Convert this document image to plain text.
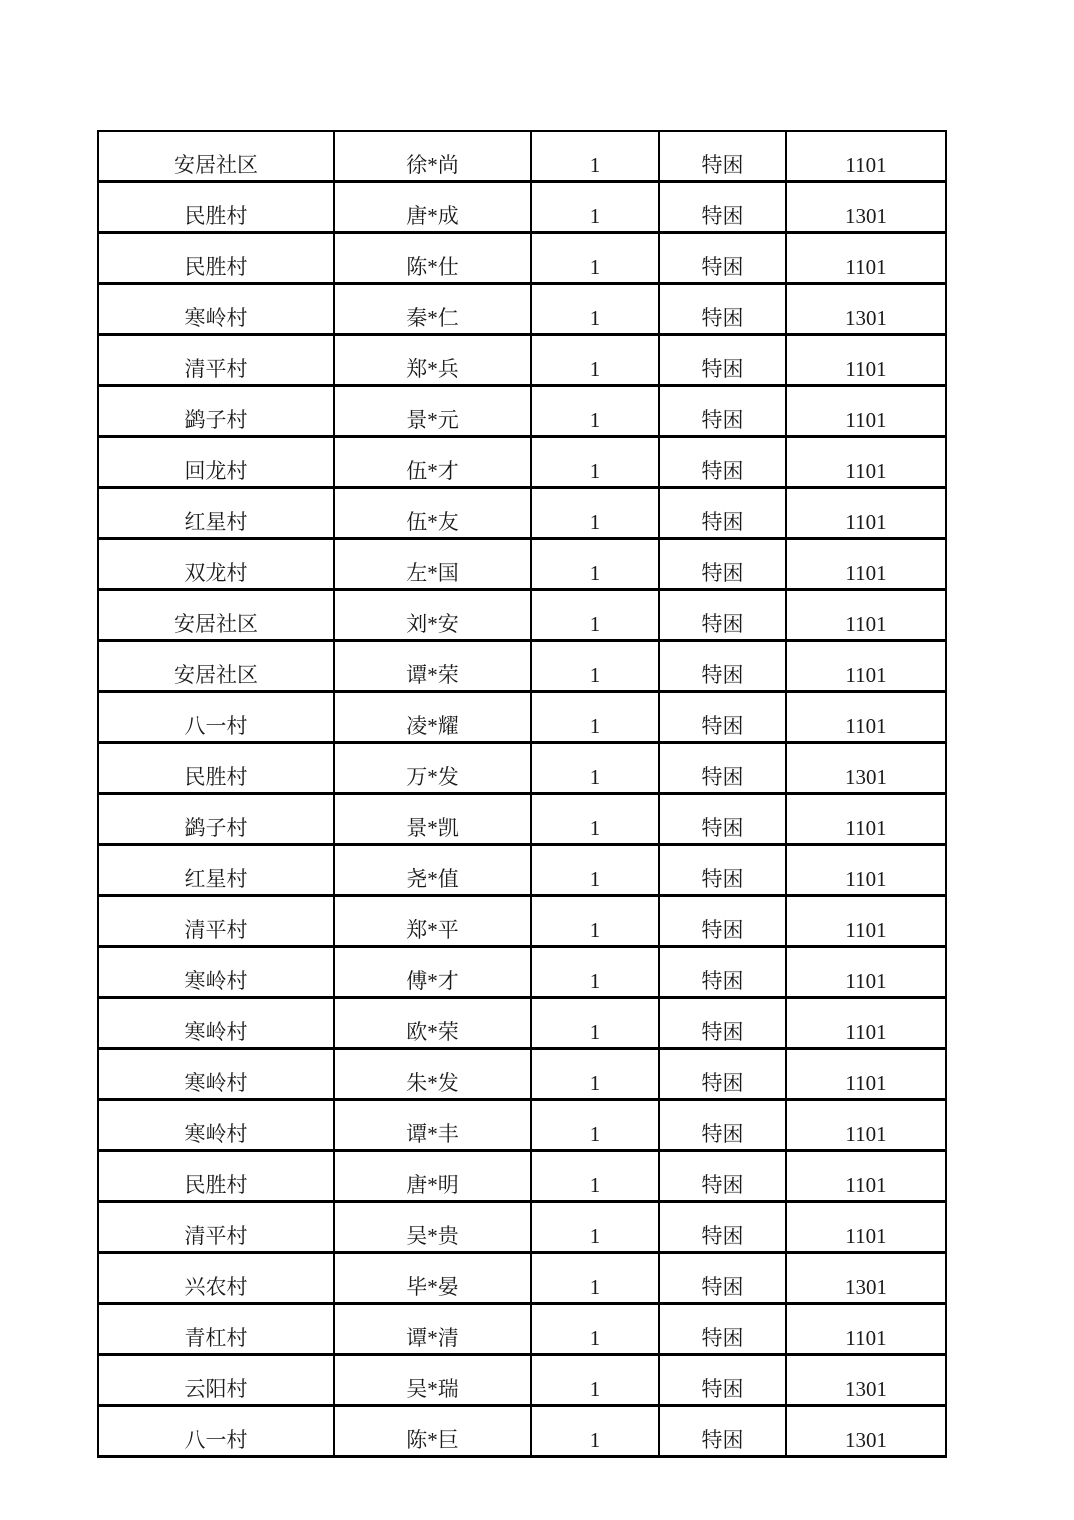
安居社区	徐*尚	1	特困	1101
民胜村	唐*成	1	特困	1301
民胜村	陈*仕	1	特困	1101
寒岭村	秦*仁	1	特困	1301
清平村	郑*兵	1	特困	1101
鹢子村	景*元	1	特困	1101
回龙村	伍*才	1	特困	1101
红星村	伍*友	1	特困	1101
双龙村	左*国	1	特困	1101
安居社区	刘*安	1	特困	1101
安居社区	谭*荣	1	特困	1101
八一村	凌*耀	1	特困	1101
民胜村	万*发	1	特困	1301
鹢子村	景*凯	1	特困	1101
红星村	尧*值	1	特困	1101
清平村	郑*平	1	特困	1101
寒岭村	傅*才	1	特困	1101
寒岭村	欧*荣	1	特困	1101
寒岭村	朱*发	1	特困	1101
寒岭村	谭*丰	1	特困	1101
民胜村	唐*明	1	特困	1101
清平村	吴*贵	1	特困	1101
兴农村	毕*晏	1	特困	1301
青杠村	谭*清	1	特困	1101
云阳村	吴*瑞	1	特困	1301
八一村	陈*巨	1	特困	1301
